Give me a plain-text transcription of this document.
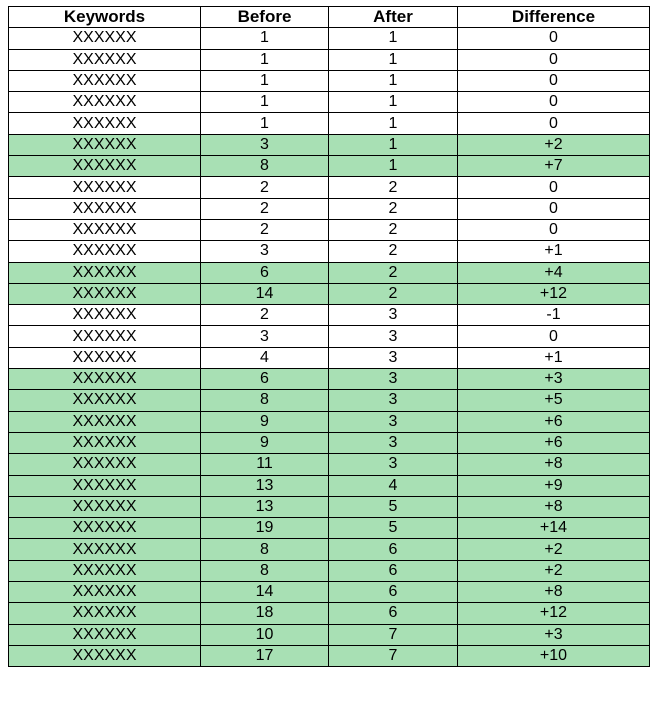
Keywords	Before	After	Difference
XXXXXX	1	1	0
XXXXXX	1	1	0
XXXXXX	1	1	0
XXXXXX	1	1	0
XXXXXX	1	1	0
XXXXXX	3	1	+2
XXXXXX	8	1	+7
XXXXXX	2	2	0
XXXXXX	2	2	0
XXXXXX	2	2	0
XXXXXX	3	2	+1
XXXXXX	6	2	+4
XXXXXX	14	2	+12
XXXXXX	2	3	-1
XXXXXX	3	3	0
XXXXXX	4	3	+1
XXXXXX	6	3	+3
XXXXXX	8	3	+5
XXXXXX	9	3	+6
XXXXXX	9	3	+6
XXXXXX	11	3	+8
XXXXXX	13	4	+9
XXXXXX	13	5	+8
XXXXXX	19	5	+14
XXXXXX	8	6	+2
XXXXXX	8	6	+2
XXXXXX	14	6	+8
XXXXXX	18	6	+12
XXXXXX	10	7	+3
XXXXXX	17	7	+10
